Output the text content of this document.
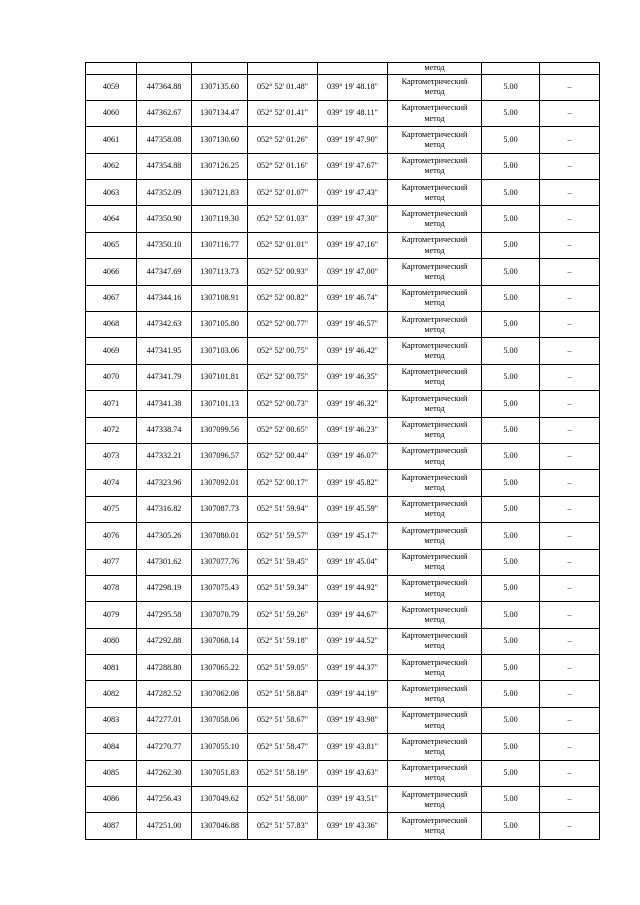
					метод		
4059	447364.88	1307135.60	052° 52' 01.48"	039° 19' 48.18"	Картометрический
метод	5.00	–
4060	447362.67	1307134.47	052° 52' 01.41"	039° 19' 48.11"	Картометрический
метод	5.00	–
4061	447358.08	1307130.60	052° 52' 01.26"	039° 19' 47.90"	Картометрический
метод	5.00	–
4062	447354.88	1307126.25	052° 52' 01.16"	039° 19' 47.67"	Картометрический
метод	5.00	–
4063	447352.09	1307121.83	052° 52' 01.07"	039° 19' 47.43"	Картометрический
метод	5.00	–
4064	447350.90	1307119.30	052° 52' 01.03"	039° 19' 47.30"	Картометрический
метод	5.00	–
4065	447350.10	1307116.77	052° 52' 01.01"	039° 19' 47.16"	Картометрический
метод	5.00	–
4066	447347.69	1307113.73	052° 52' 00.93"	039° 19' 47.00"	Картометрический
метод	5.00	–
4067	447344.16	1307108.91	052° 52' 00.82"	039° 19' 46.74"	Картометрический
метод	5.00	–
4068	447342.63	1307105.80	052° 52' 00.77"	039° 19' 46.57"	Картометрический
метод	5.00	–
4069	447341.95	1307103.06	052° 52' 00.75"	039° 19' 46.42"	Картометрический
метод	5.00	–
4070	447341.79	1307101.81	052° 52' 00.75"	039° 19' 46.35"	Картометрический
метод	5.00	–
4071	447341.38	1307101.13	052° 52' 00.73"	039° 19' 46.32"	Картометрический
метод	5.00	–
4072	447338.74	1307099.56	052° 52' 00.65"	039° 19' 46.23"	Картометрический
метод	5.00	–
4073	447332.21	1307096.57	052° 52' 00.44"	039° 19' 46.07"	Картометрический
метод	5.00	–
4074	447323.96	1307092.01	052° 52' 00.17"	039° 19' 45.82"	Картометрический
метод	5.00	–
4075	447316.82	1307087.73	052° 51' 59.94"	039° 19' 45.59"	Картометрический
метод	5.00	–
4076	447305.26	1307080.01	052° 51' 59.57"	039° 19' 45.17"	Картометрический
метод	5.00	–
4077	447301.62	1307077.76	052° 51' 59.45"	039° 19' 45.04"	Картометрический
метод	5.00	–
4078	447298.19	1307075.43	052° 51' 59.34"	039° 19' 44.92"	Картометрический
метод	5.00	–
4079	447295.58	1307070.79	052° 51' 59.26"	039° 19' 44.67"	Картометрический
метод	5.00	–
4080	447292.88	1307068.14	052° 51' 59.18"	039° 19' 44.52"	Картометрический
метод	5.00	–
4081	447288.80	1307065.22	052° 51' 59.05"	039° 19' 44.37"	Картометрический
метод	5.00	–
4082	447282.52	1307062.08	052° 51' 58.84"	039° 19' 44.19"	Картометрический
метод	5.00	–
4083	447277.01	1307058.06	052° 51' 58.67"	039° 19' 43.98"	Картометрический
метод	5.00	–
4084	447270.77	1307055.10	052° 51' 58.47"	039° 19' 43.81"	Картометрический
метод	5.00	–
4085	447262.30	1307051.83	052° 51' 58.19"	039° 19' 43.63"	Картометрический
метод	5.00	–
4086	447256.43	1307049.62	052° 51' 58.00"	039° 19' 43.51"	Картометрический
метод	5.00	–
4087	447251.00	1307046.88	052° 51' 57.83"	039° 19' 43.36"	Картометрический
метод	5.00	–
